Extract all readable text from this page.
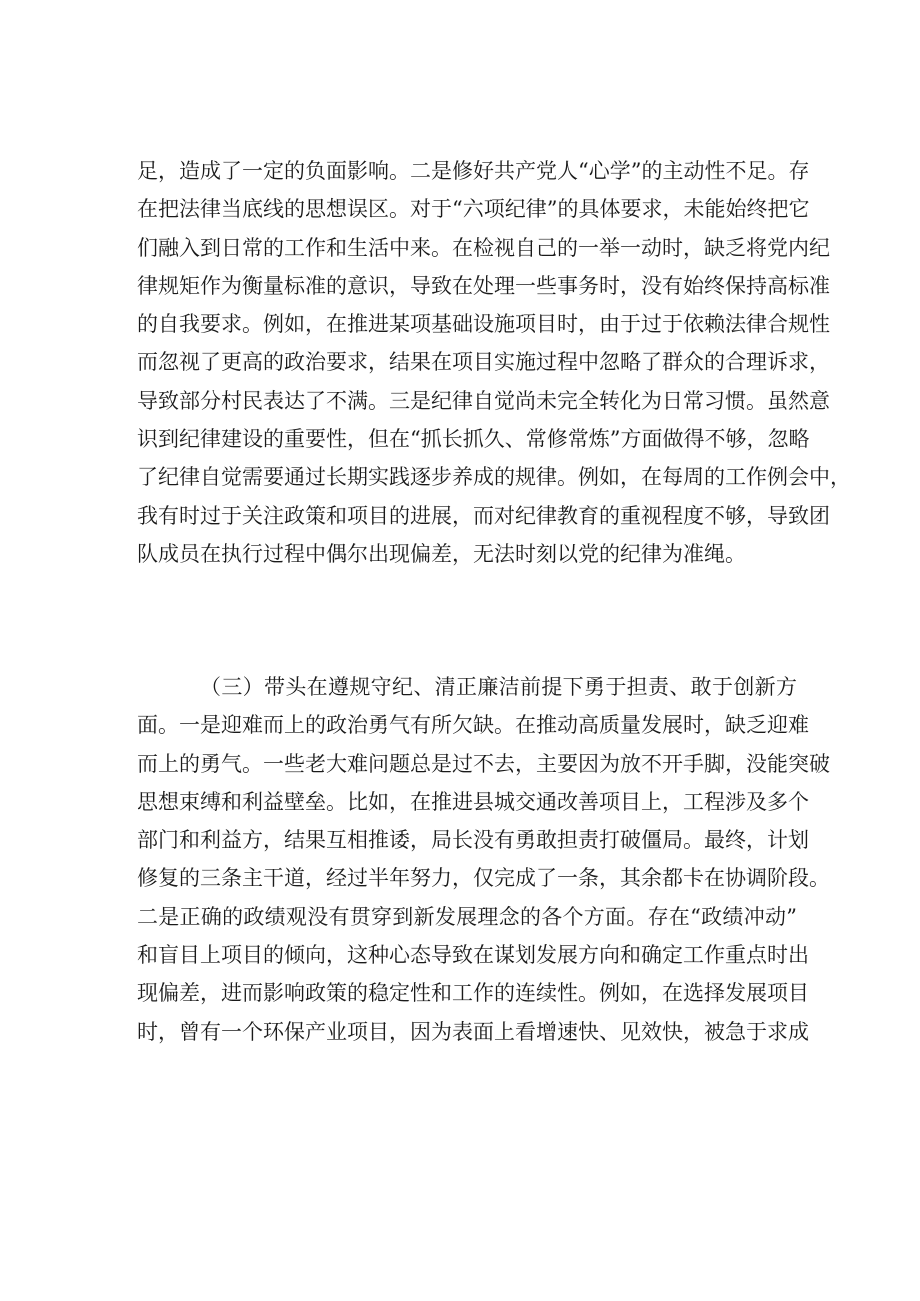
足，造成了一定的负面影响。二是修好共产党人“心学”的主动性不足。存
在把法律当底线的思想误区。对于“六项纪律”的具体要求，未能始终把它
们融入到日常的工作和生活中来。在检视自己的一举一动时，缺乏将党内纪
律规矩作为衡量标准的意识，导致在处理一些事务时，没有始终保持高标准
的自我要求。例如，在推进某项基础设施项目时，由于过于依赖法律合规性
而忽视了更高的政治要求，结果在项目实施过程中忽略了群众的合理诉求，
导致部分村民表达了不满。三是纪律自觉尚未完全转化为日常习惯。虽然意
识到纪律建设的重要性，但在“抓长抓久、常修常炼”方面做得不够，忽略
了纪律自觉需要通过长期实践逐步养成的规律。例如，在每周的工作例会中，
我有时过于关注政策和项目的进展，而对纪律教育的重视程度不够，导致团
队成员在执行过程中偶尔出现偏差，无法时刻以党的纪律为准绳。
（三）带头在遵规守纪、清正廉洁前提下勇于担责、敢于创新方
面。一是迎难而上的政治勇气有所欠缺。在推动高质量发展时，缺乏迎难
而上的勇气。一些老大难问题总是过不去，主要因为放不开手脚，没能突破
思想束缚和利益壁垒。比如，在推进县城交通改善项目上，工程涉及多个
部门和利益方，结果互相推诿，局长没有勇敢担责打破僵局。最终，计划
修复的三条主干道，经过半年努力，仅完成了一条，其余都卡在协调阶段。
二是正确的政绩观没有贯穿到新发展理念的各个方面。存在“政绩冲动”
和盲目上项目的倾向，这种心态导致在谋划发展方向和确定工作重点时出
现偏差，进而影响政策的稳定性和工作的连续性。例如，在选择发展项目
时，曾有一个环保产业项目，因为表面上看增速快、见效快，被急于求成
